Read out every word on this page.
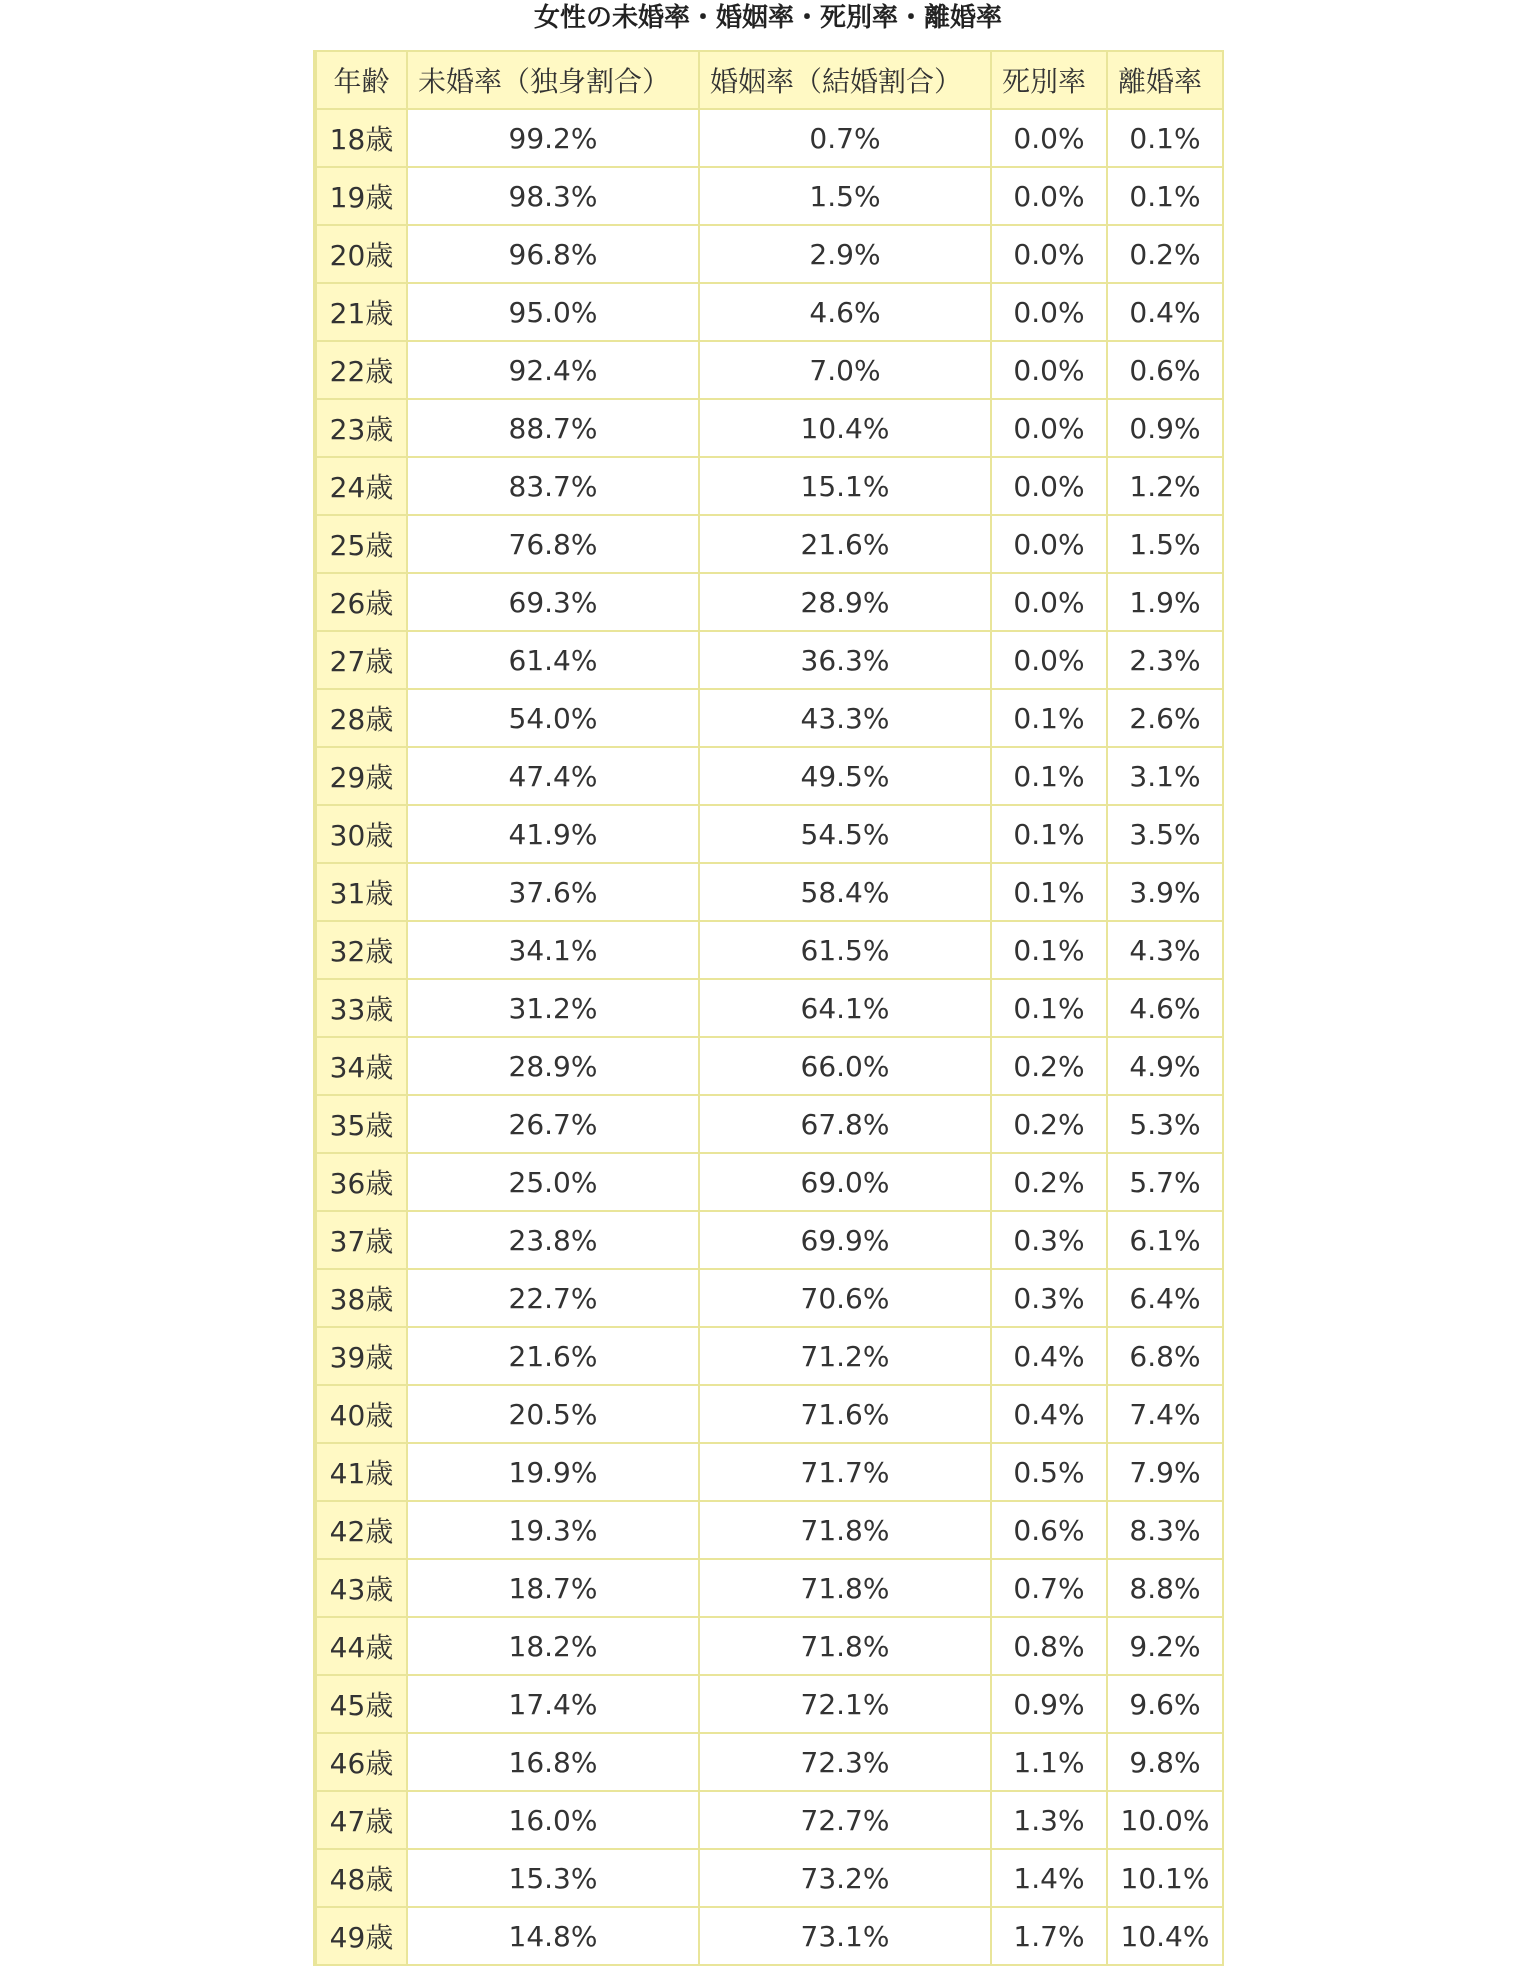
女性の未婚率・婚姻率・死別率・離婚率
年齢	未婚率（独身割合）	婚姻率（結婚割合）	死別率	離婚率
18歳	99.2%	0.7%	0.0%	0.1%
19歳	98.3%	1.5%	0.0%	0.1%
20歳	96.8%	2.9%	0.0%	0.2%
21歳	95.0%	4.6%	0.0%	0.4%
22歳	92.4%	7.0%	0.0%	0.6%
23歳	88.7%	10.4%	0.0%	0.9%
24歳	83.7%	15.1%	0.0%	1.2%
25歳	76.8%	21.6%	0.0%	1.5%
26歳	69.3%	28.9%	0.0%	1.9%
27歳	61.4%	36.3%	0.0%	2.3%
28歳	54.0%	43.3%	0.1%	2.6%
29歳	47.4%	49.5%	0.1%	3.1%
30歳	41.9%	54.5%	0.1%	3.5%
31歳	37.6%	58.4%	0.1%	3.9%
32歳	34.1%	61.5%	0.1%	4.3%
33歳	31.2%	64.1%	0.1%	4.6%
34歳	28.9%	66.0%	0.2%	4.9%
35歳	26.7%	67.8%	0.2%	5.3%
36歳	25.0%	69.0%	0.2%	5.7%
37歳	23.8%	69.9%	0.3%	6.1%
38歳	22.7%	70.6%	0.3%	6.4%
39歳	21.6%	71.2%	0.4%	6.8%
40歳	20.5%	71.6%	0.4%	7.4%
41歳	19.9%	71.7%	0.5%	7.9%
42歳	19.3%	71.8%	0.6%	8.3%
43歳	18.7%	71.8%	0.7%	8.8%
44歳	18.2%	71.8%	0.8%	9.2%
45歳	17.4%	72.1%	0.9%	9.6%
46歳	16.8%	72.3%	1.1%	9.8%
47歳	16.0%	72.7%	1.3%	10.0%
48歳	15.3%	73.2%	1.4%	10.1%
49歳	14.8%	73.1%	1.7%	10.4%
